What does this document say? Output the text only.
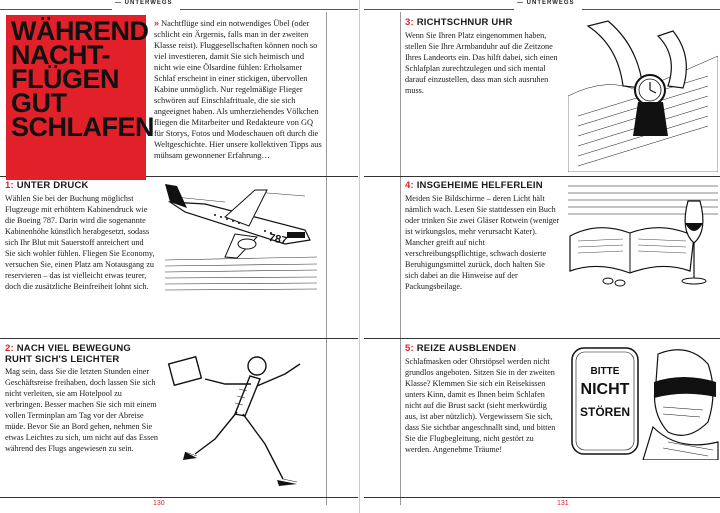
— UNTERWEGS	— UNTERWEGS
WÄHREND
NACHT-
FLÜGEN
GUT
SCHLAFEN
» Nachtflüge sind ein notwendiges Übel (oder schlicht ein Ärgernis, falls man in der zweiten Klasse reist). Fluggesellschaften können noch so viel investieren, damit Sie sich heimisch und nicht wie eine Ölsardine fühlen: Erholsamer Schlaf erscheint in einer stickigen, übervollen Kabine unmöglich. Nur regelmäßige Flieger schwören auf Einschlafrituale, die sie sich angeeignet haben. Als umherziehendes Völkchen fliegen die Mitarbeiter und Redakteure von GQ für Storys, Fotos und Modeschauen oft durch die Weltgeschichte. Hier unsere kollektiven Tipps aus mühsam gewonnener Erfahrung…
1: UNTER DRUCK

Wählen Sie bei der Buchung möglichst Flugzeuge mit erhöhtem Kabinendruck wie die Boeing 787. Darin wird die sogenannte Kabinenhöhe künstlich herabgesetzt, sodass sich Ihr Blut mit Sauerstoff anreichert und Sie sich wohler fühlen. Fliegen Sie Economy, versuchen Sie, einen Platz am Notausgang zu reservieren – das ist vielleicht etwas teurer, doch die zusätzliche Beinfreiheit lohnt sich.

2: NACH VIEL BEWEGUNG RUHT SICH'S LEICHTER

Mag sein, dass Sie die letzten Stunden einer Geschäftsreise freihaben, doch lassen Sie sich nicht verleiten, sie am Hotelpool zu verbringen. Besser machen Sie sich mit einem vollen Terminplan am Tag vor der Abreise müde. Bevor Sie an Bord gehen, nehmen Sie etwas Leichtes zu sich, um nicht auf das Essen während des Flugs angewiesen zu sein.

3: RICHTSCHNUR UHR

Wenn Sie Ihren Platz eingenommen haben, stellen Sie Ihre Armbanduhr auf die Zeitzone Ihres Landeorts ein. Das hilft dabei, sich einen Schlafplan zurechtzulegen und sich mental darauf einzustellen, dass man sich ausruhen muss.

4: INSGEHEIME HELFERLEIN

Meiden Sie Bildschirme – deren Licht hält nämlich wach. Lesen Sie stattdessen ein Buch oder trinken Sie zwei Gläser Rotwein (weniger ist wirkungslos, mehr verursacht Kater). Mancher greift auf nicht verschreibungspflichtige, schwach dosierte Beruhigungsmittel zurück, doch halten Sie sich dabei an die Hinweise auf der Packungsbeilage.

5: REIZE AUSBLENDEN

Schlafmasken oder Ohrstöpsel werden nicht grundlos angeboten. Sitzen Sie in der zweiten Klasse? Klemmen Sie sich ein Reisekissen unters Kinn, damit es Ihnen beim Schlafen nicht auf die Brust sackt (sieht merkwürdig aus, ist aber nützlich). Vergewissern Sie sich, dass Sie sichtbar angeschnallt sind, und bitten Sie die Flugbegleitung, nicht gestört zu werden. Angenehme Träume!

787
BITTE
NICHT
STÖREN
130	131
